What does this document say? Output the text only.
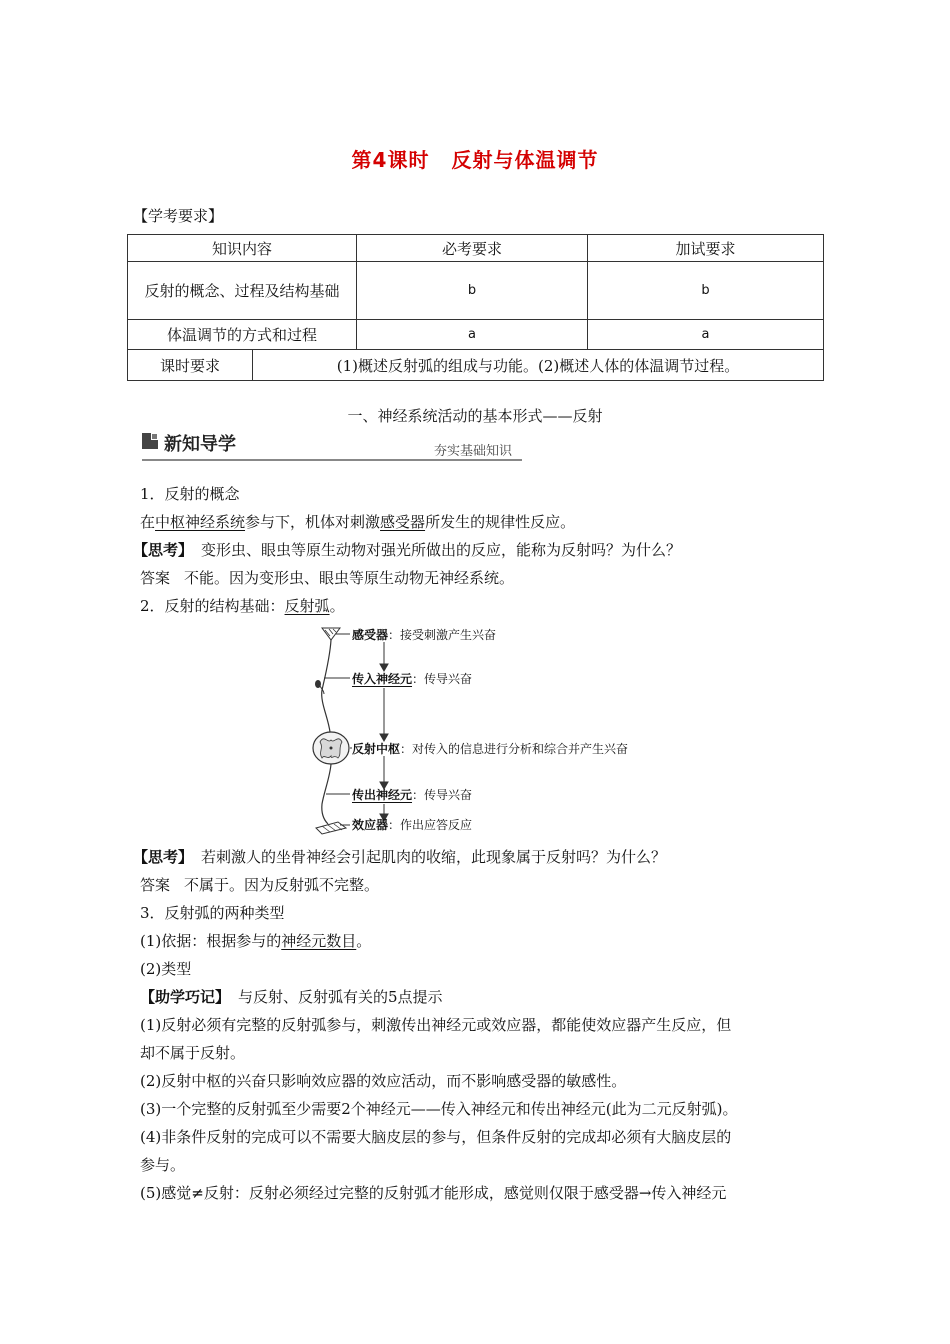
第4课时 反射与体温调节
【学考要求】
知识内容	必考要求	加试要求
反射的概念、过程及结构基础	b	b
体温调节的方式和过程	a	a
课时要求	(1)概述反射弧的组成与功能。(2)概述人体的体温调节过程。
一、神经系统活动的基本形式——反射
新知导学	夯实基础知识
1．反射的概念
在中枢神经系统参与下，机体对刺激感受器所发生的规律性反应。
【思考】 变形虫、眼虫等原生动物对强光所做出的反应，能称为反射吗？为什么？
答案 不能。因为变形虫、眼虫等原生动物无神经系统。
2．反射的结构基础：反射弧。
感受器：接受刺激产生兴奋
传入神经元：传导兴奋
反射中枢：对传入的信息进行分析和综合并产生兴奋
传出神经元：传导兴奋
效应器：作出应答反应
【思考】 若刺激人的坐骨神经会引起肌肉的收缩，此现象属于反射吗？为什么？
答案 不属于。因为反射弧不完整。
3．反射弧的两种类型
(1)依据：根据参与的神经元数目。
(2)类型
【助学巧记】 与反射、反射弧有关的5点提示
(1)反射必须有完整的反射弧参与，刺激传出神经元或效应器，都能使效应器产生反应，但
却不属于反射。
(2)反射中枢的兴奋只影响效应器的效应活动，而不影响感受器的敏感性。
(3)一个完整的反射弧至少需要2个神经元——传入神经元和传出神经元(此为二元反射弧)。
(4)非条件反射的完成可以不需要大脑皮层的参与，但条件反射的完成却必须有大脑皮层的
参与。
(5)感觉≠反射：反射必须经过完整的反射弧才能形成，感觉则仅限于感受器→传入神经元
